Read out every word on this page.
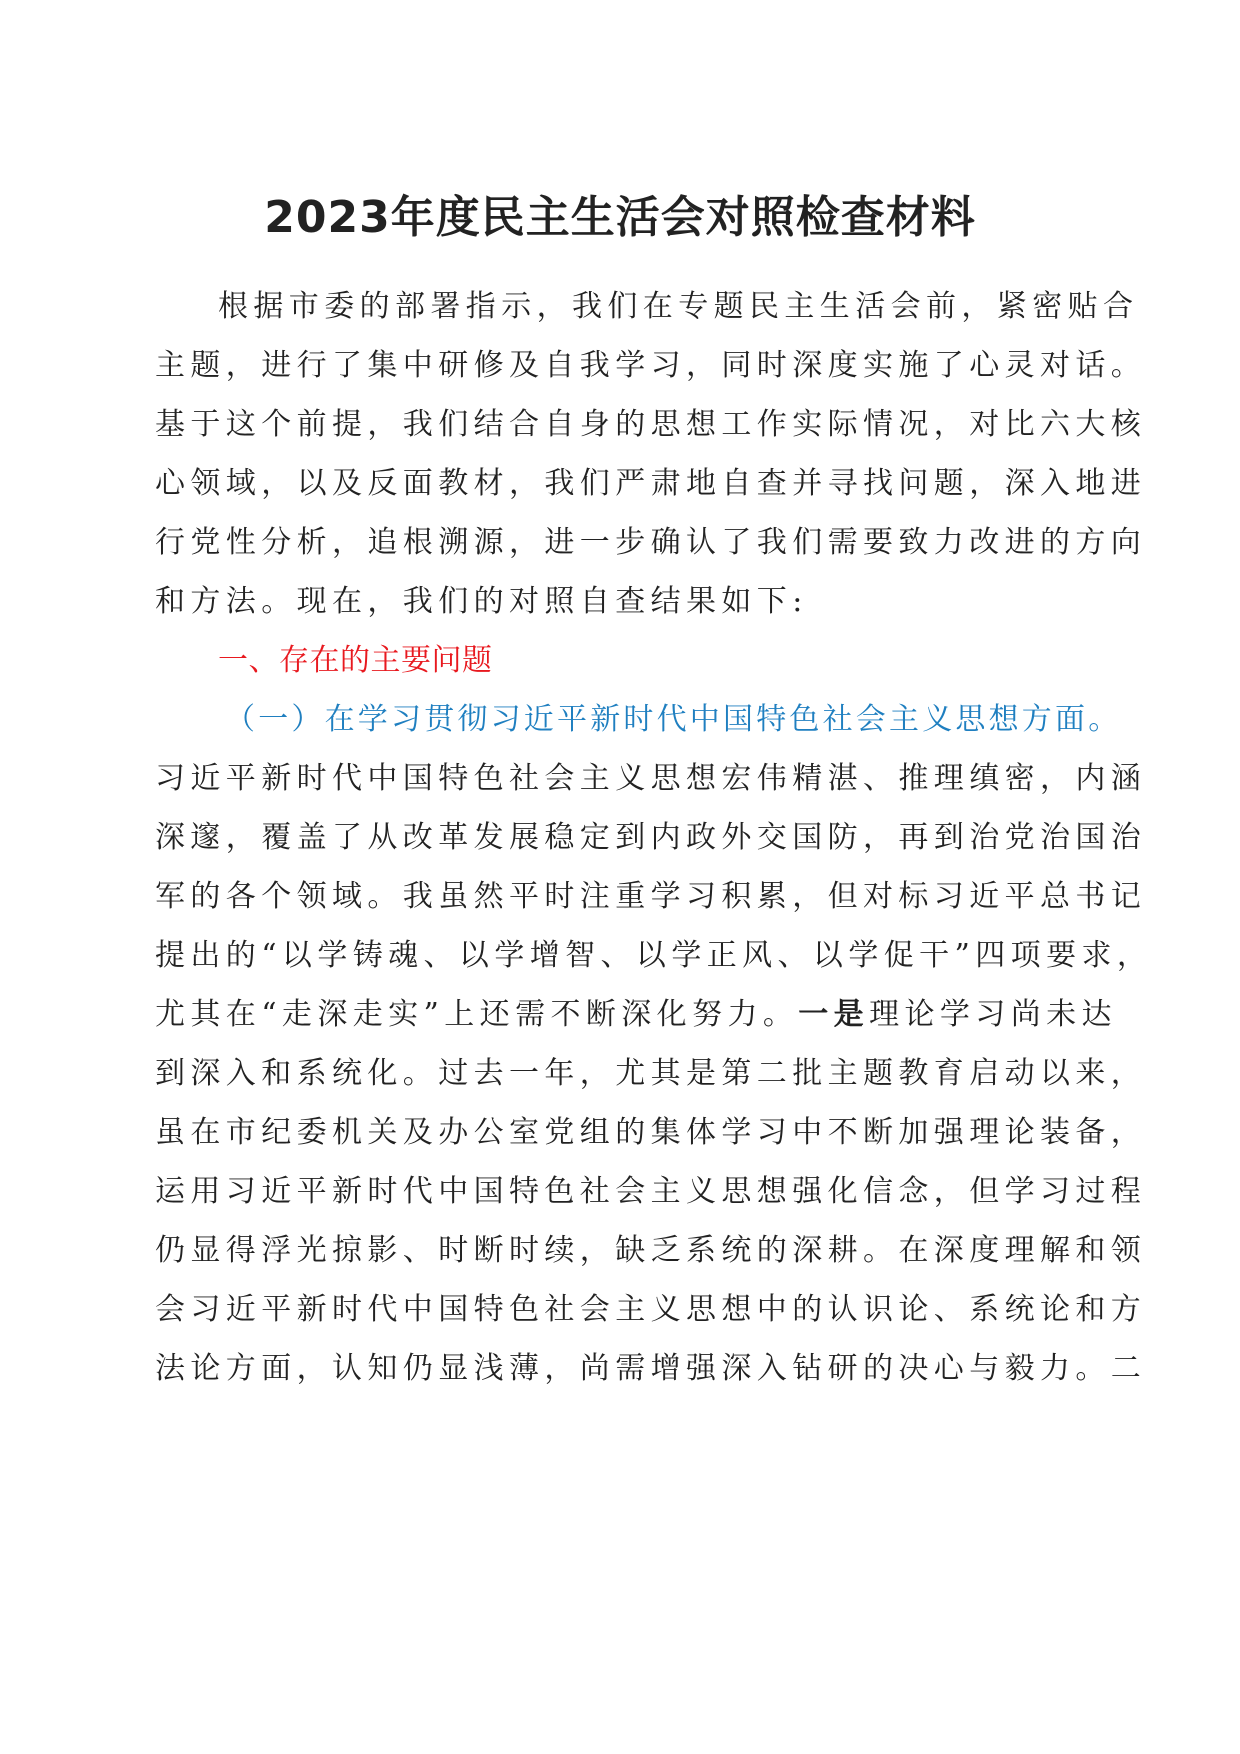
2023年度民主生活会对照检查材料
根据市委的部署指示，我们在专题民主生活会前，紧密贴合
主题，进行了集中研修及自我学习，同时深度实施了心灵对话。
基于这个前提，我们结合自身的思想工作实际情况，对比六大核
心领域，以及反面教材，我们严肃地自查并寻找问题，深入地进
行党性分析，追根溯源，进一步确认了我们需要致力改进的方向
和方法。现在，我们的对照自查结果如下:
一、存在的主要问题
（一）在学习贯彻习近平新时代中国特色社会主义思想方面。
习近平新时代中国特色社会主义思想宏伟精湛、推理缜密，内涵
深邃，覆盖了从改革发展稳定到内政外交国防，再到治党治国治
军的各个领域。我虽然平时注重学习积累，但对标习近平总书记
提出的“以学铸魂、以学增智、以学正风、以学促干”四项要求，
尤其在“走深走实”上还需不断深化努力。一是理论学习尚未达
到深入和系统化。过去一年，尤其是第二批主题教育启动以来，
虽在市纪委机关及办公室党组的集体学习中不断加强理论装备，
运用习近平新时代中国特色社会主义思想强化信念，但学习过程
仍显得浮光掠影、时断时续，缺乏系统的深耕。在深度理解和领
会习近平新时代中国特色社会主义思想中的认识论、系统论和方
法论方面，认知仍显浅薄，尚需增强深入钻研的决心与毅力。二
